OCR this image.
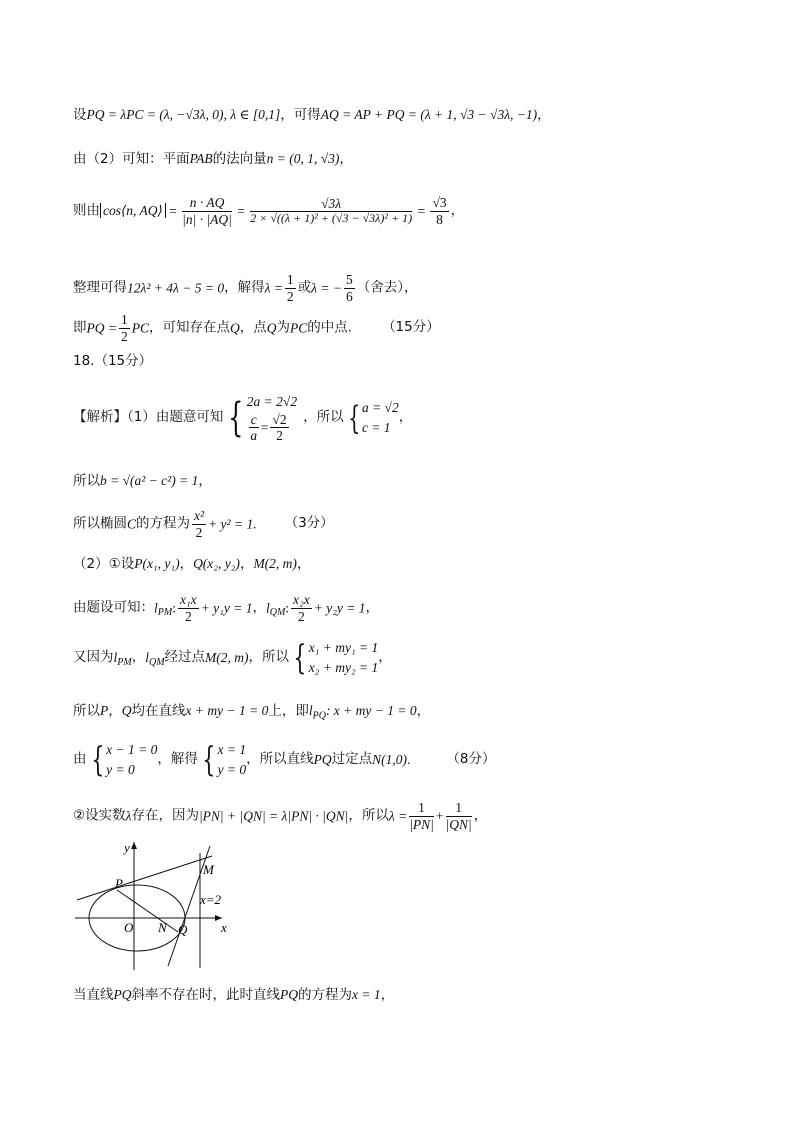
设PQ = λPC = (λ, −√3λ, 0), λ ∈ [0,1]，可得AQ = AP + PQ = (λ + 1, √3 − √3λ, −1)，
由（2）可知：平面PAB的法向量n = (0, 1, √3)，
则由 cos⟨n, AQ⟩ = $\frac{n \cdot AQ}{|n| \cdot |AQ|} = \frac{√3\lambda}{\text{2 × √((λ + 1)² + (√3 − √3λ)² + 1)}} = \frac{√3}{8}$ ，
整理可得12λ² + 4λ − 5 = 0，解得$\lambda = \frac{1}{2}$ 或λ = − $\frac{5}{6}$ （舍去），
即PQ = $\frac{1}{2}$ PC，可知存在点Q，点Q为PC的中点. （15分）
18.（15分）
【解析】（1）由题意可知 { 2a = 2√2
$\frac{c}{a} = \frac{√2}{2}$ ，所以 { a = √2
c = 1
，
所以b = √(a² − c²) = 1，
所以椭圆C的方程为 $\frac{\text{x²}}{2} + y^2 = 1$. （3分）
（2）①设P(x₁, y₁)，Q(x₂, y₂)，M(2, m)，
由题设可知：$l_{PM}$: $\frac{\text{x₁x}}{2} + y_1y = 1$，$l_{QM}$: $\frac{\text{x₂x}}{2} + y_2y = 1$，
又因为$l_{PM}$，$l_{QM}$经过点M(2, m)，所以 { x₁ + my₁ = 1
x₂ + my₂ = 1
，
所以P，Q均在直线x + my − 1 = 0上，即$l_{PQ}$: x + my − 1 = 0，
由 { x − 1 = 0
y = 0
，解得 { x = 1
y = 0
，所以直线PQ过定点N(1,0).	（8分）
②设实数λ存在，因为|PN| + |QN| = λ|PN| · |QN|，所以$\lambda = \frac{1}{|PN|} + \frac{1}{|QN|}$ ，
y
x
P
M
x=2
O N Q
当直线PQ斜率不存在时，此时直线PQ的方程为x = 1，
